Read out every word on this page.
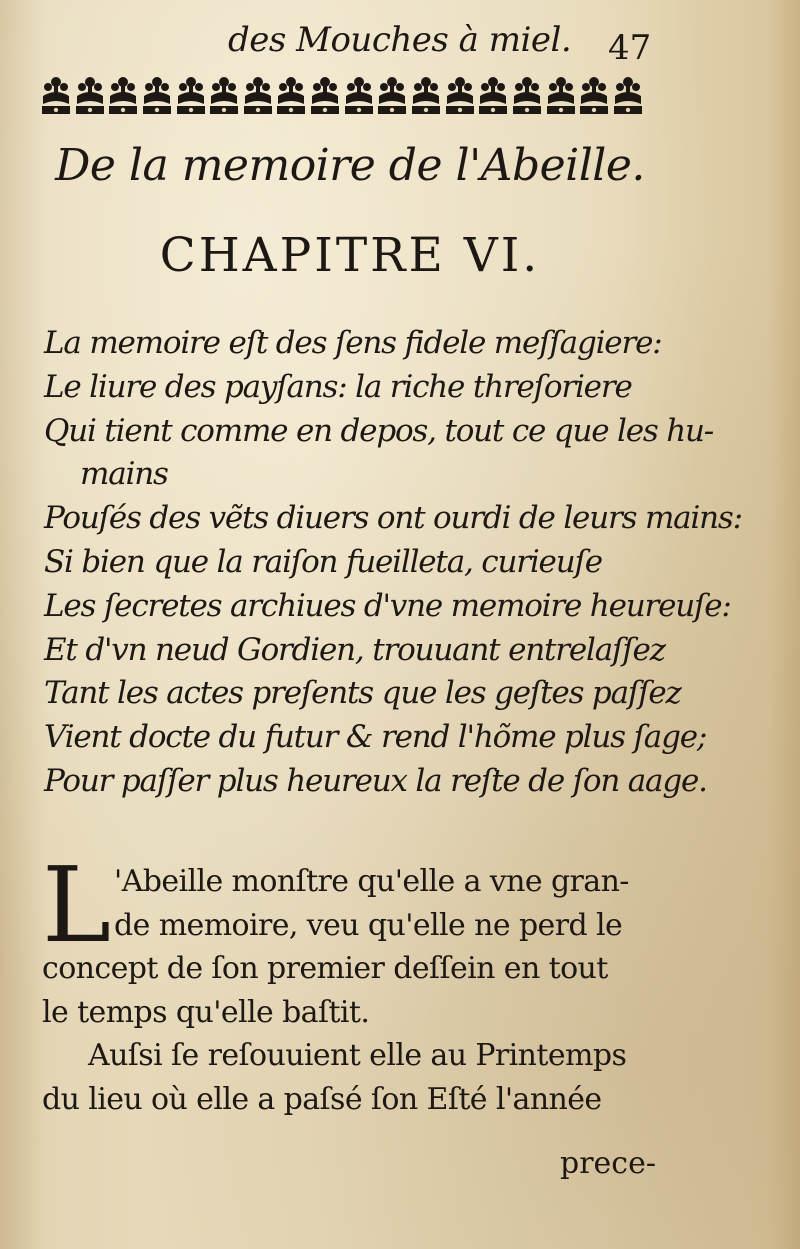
des Mouches à miel. 47
De la memoire de l'Abeille.
CHAPITRE VI.
La memoire eſt des ſens fidele meſſagiere:
Le liure des payſans: la riche threſoriere
Qui tient comme en depos, tout ce que les hu-
mains
Pouſés des vẽts diuers ont ourdi de leurs mains:
Si bien que la raiſon fueilleta, curieuſe
Les ſecretes archiues d'vne memoire heureuſe:
Et d'vn neud Gordien, trouuant entrelaſſez
Tant les actes preſents que les geſtes paſſez
Vient docte du futur & rend l'hõme plus ſage;
Pour paſſer plus heureux la reſte de ſon aage.
L 'Abeille monſtre qu'elle a vne gran-
de memoire, veu qu'elle ne perd le
concept de ſon premier deſſein en tout
le temps qu'elle baſtit.
Auſsi ſe reſouuient elle au Printemps
du lieu où elle a paſsé ſon Eſté l'année
prece-
